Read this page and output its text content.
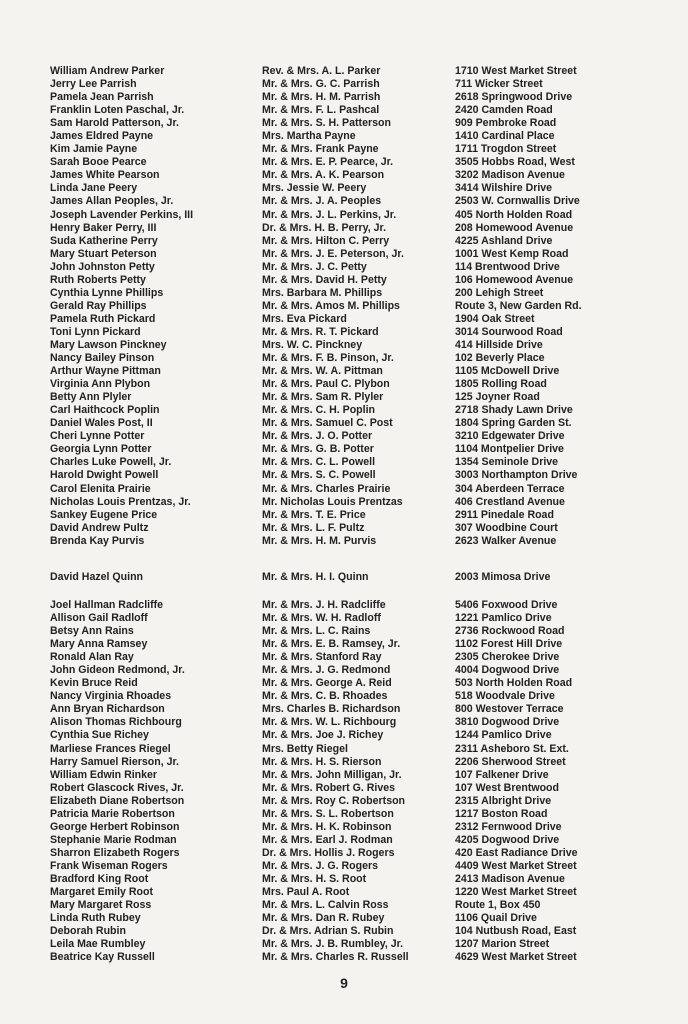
William Andrew Parker	Rev. & Mrs. A. L. Parker	1710 West Market Street
Jerry Lee Parrish	Mr. & Mrs. G. C. Parrish	711 Wicker Street
Pamela Jean Parrish	Mr. & Mrs. H. M. Parrish	2618 Springwood Drive
Franklin Loten Paschal, Jr.	Mr. & Mrs. F. L. Pashcal	2420 Camden Road
Sam Harold Patterson, Jr.	Mr. & Mrs. S. H. Patterson	909 Pembroke Road
James Eldred Payne	Mrs. Martha Payne	1410 Cardinal Place
Kim Jamie Payne	Mr. & Mrs. Frank Payne	1711 Trogdon Street
Sarah Booe Pearce	Mr. & Mrs. E. P. Pearce, Jr.	3505 Hobbs Road, West
James White Pearson	Mr. & Mrs. A. K. Pearson	3202 Madison Avenue
Linda Jane Peery	Mrs. Jessie W. Peery	3414 Wilshire Drive
James Allan Peoples, Jr.	Mr. & Mrs. J. A. Peoples	2503 W. Cornwallis Drive
Joseph Lavender Perkins, III	Mr. & Mrs. J. L. Perkins, Jr.	405 North Holden Road
Henry Baker Perry, III	Dr. & Mrs. H. B. Perry, Jr.	208 Homewood Avenue
Suda Katherine Perry	Mr. & Mrs. Hilton C. Perry	4225 Ashland Drive
Mary Stuart Peterson	Mr. & Mrs. J. E. Peterson, Jr.	1001 West Kemp Road
John Johnston Petty	Mr. & Mrs. J. C. Petty	114 Brentwood Drive
Ruth Roberts Petty	Mr. & Mrs. David H. Petty	106 Homewood Avenue
Cynthia Lynne Phillips	Mrs. Barbara M. Phillips	200 Lehigh Street
Gerald Ray Phillips	Mr. & Mrs. Amos M. Phillips	Route 3, New Garden Rd.
Pamela Ruth Pickard	Mrs. Eva Pickard	1904 Oak Street
Toni Lynn Pickard	Mr. & Mrs. R. T. Pickard	3014 Sourwood Road
Mary Lawson Pinckney	Mrs. W. C. Pinckney	414 Hillside Drive
Nancy Bailey Pinson	Mr. & Mrs. F. B. Pinson, Jr.	102 Beverly Place
Arthur Wayne Pittman	Mr. & Mrs. W. A. Pittman	1105 McDowell Drive
Virginia Ann Plybon	Mr. & Mrs. Paul C. Plybon	1805 Rolling Road
Betty Ann Plyler	Mr. & Mrs. Sam R. Plyler	125 Joyner Road
Carl Haithcock Poplin	Mr. & Mrs. C. H. Poplin	2718 Shady Lawn Drive
Daniel Wales Post, II	Mr. & Mrs. Samuel C. Post	1804 Spring Garden St.
Cheri Lynne Potter	Mr. & Mrs. J. O. Potter	3210 Edgewater Drive
Georgia Lynn Potter	Mr. & Mrs. G. B. Potter	1104 Montpelier Drive
Charles Luke Powell, Jr.	Mr. & Mrs. C. L. Powell	1354 Seminole Drive
Harold Dwight Powell	Mr. & Mrs. S. C. Powell	3003 Northampton Drive
Carol Elenita Prairie	Mr. & Mrs. Charles Prairie	304 Aberdeen Terrace
Nicholas Louis Prentzas, Jr.	Mr. Nicholas Louis Prentzas	406 Crestland Avenue
Sankey Eugene Price	Mr. & Mrs. T. E. Price	2911 Pinedale Road
David Andrew Pultz	Mr. & Mrs. L. F. Pultz	307 Woodbine Court
Brenda Kay Purvis	Mr. & Mrs. H. M. Purvis	2623 Walker Avenue
David Hazel Quinn	Mr. & Mrs. H. I. Quinn	2003 Mimosa Drive
Joel Hallman Radcliffe	Mr. & Mrs. J. H. Radcliffe	5406 Foxwood Drive
Allison Gail Radloff	Mr. & Mrs. W. H. Radloff	1221 Pamlico Drive
Betsy Ann Rains	Mr. & Mrs. L. C. Rains	2736 Rockwood Road
Mary Anna Ramsey	Mr. & Mrs. E. B. Ramsey, Jr.	1102 Forest Hill Drive
Ronald Alan Ray	Mr. & Mrs. Stanford Ray	2305 Cherokee Drive
John Gideon Redmond, Jr.	Mr. & Mrs. J. G. Redmond	4004 Dogwood Drive
Kevin Bruce Reid	Mr. & Mrs. George A. Reid	503 North Holden Road
Nancy Virginia Rhoades	Mr. & Mrs. C. B. Rhoades	518 Woodvale Drive
Ann Bryan Richardson	Mrs. Charles B. Richardson	800 Westover Terrace
Alison Thomas Richbourg	Mr. & Mrs. W. L. Richbourg	3810 Dogwood Drive
Cynthia Sue Richey	Mr. & Mrs. Joe J. Richey	1244 Pamlico Drive
Marliese Frances Riegel	Mrs. Betty Riegel	2311 Asheboro St. Ext.
Harry Samuel Rierson, Jr.	Mr. & Mrs. H. S. Rierson	2206 Sherwood Street
William Edwin Rinker	Mr. & Mrs. John Milligan, Jr.	107 Falkener Drive
Robert Glascock Rives, Jr.	Mr. & Mrs. Robert G. Rives	107 West Brentwood
Elizabeth Diane Robertson	Mr. & Mrs. Roy C. Robertson	2315 Albright Drive
Patricia Marie Robertson	Mr. & Mrs. S. L. Robertson	1217 Boston Road
George Herbert Robinson	Mr. & Mrs. H. K. Robinson	2312 Fernwood Drive
Stephanie Marie Rodman	Mr. & Mrs. Earl J. Rodman	4205 Dogwood Drive
Sharron Elizabeth Rogers	Dr. & Mrs. Hollis J. Rogers	420 East Radiance Drive
Frank Wiseman Rogers	Mr. & Mrs. J. G. Rogers	4409 West Market Street
Bradford King Root	Mr. & Mrs. H. S. Root	2413 Madison Avenue
Margaret Emily Root	Mrs. Paul A. Root	1220 West Market Street
Mary Margaret Ross	Mr. & Mrs. L. Calvin Ross	Route 1, Box 450
Linda Ruth Rubey	Mr. & Mrs. Dan R. Rubey	1106 Quail Drive
Deborah Rubin	Dr. & Mrs. Adrian S. Rubin	104 Nutbush Road, East
Leila Mae Rumbley	Mr. & Mrs. J. B. Rumbley, Jr.	1207 Marion Street
Beatrice Kay Russell	Mr. & Mrs. Charles R. Russell	4629 West Market Street
9
